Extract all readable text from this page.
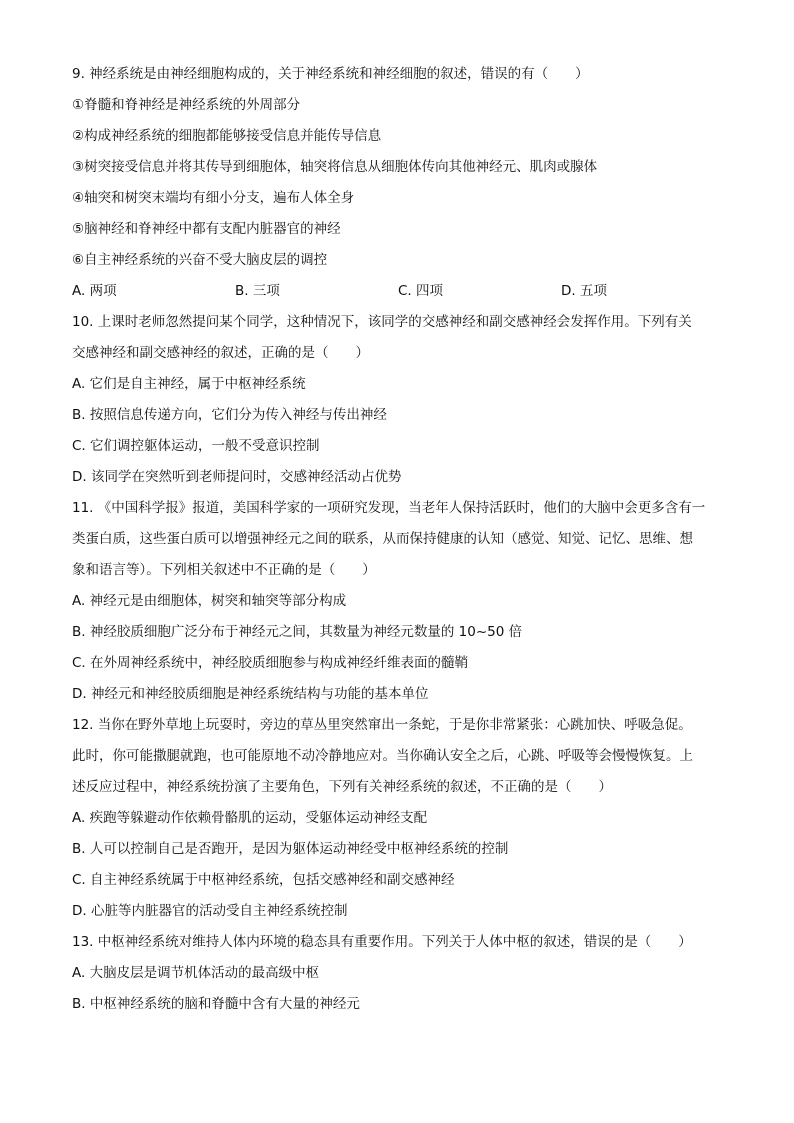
9. 神经系统是由神经细胞构成的，关于神经系统和神经细胞的叙述，错误的有（　　）
①脊髓和脊神经是神经系统的外周部分
②构成神经系统的细胞都能够接受信息并能传导信息
③树突接受信息并将其传导到细胞体，轴突将信息从细胞体传向其他神经元、肌肉或腺体
④轴突和树突末端均有细小分支，遍布人体全身
⑤脑神经和脊神经中都有支配内脏器官的神经
⑥自主神经系统的兴奋不受大脑皮层的调控
A. 两项	B. 三项	C. 四项	D. 五项
10. 上课时老师忽然提问某个同学，这种情况下，该同学的交感神经和副交感神经会发挥作用。下列有关
交感神经和副交感神经的叙述，正确的是（　　）
A. 它们是自主神经，属于中枢神经系统
B. 按照信息传递方向，它们分为传入神经与传出神经
C. 它们调控躯体运动，一般不受意识控制
D. 该同学在突然听到老师提问时，交感神经活动占优势
11. 《中国科学报》报道，美国科学家的一项研究发现，当老年人保持活跃时，他们的大脑中会更多含有一
类蛋白质，这些蛋白质可以增强神经元之间的联系，从而保持健康的认知（感觉、知觉、记忆、思维、想
象和语言等）。下列相关叙述中不正确的是（　　）
A. 神经元是由细胞体，树突和轴突等部分构成
B. 神经胶质细胞广泛分布于神经元之间，其数量为神经元数量的 10~50 倍
C. 在外周神经系统中，神经胶质细胞参与构成神经纤维表面的髓鞘
D. 神经元和神经胶质细胞是神经系统结构与功能的基本单位
12. 当你在野外草地上玩耍时，旁边的草丛里突然窜出一条蛇，于是你非常紧张：心跳加快、呼吸急促。
此时，你可能撒腿就跑，也可能原地不动冷静地应对。当你确认安全之后，心跳、呼吸等会慢慢恢复。上
述反应过程中，神经系统扮演了主要角色，下列有关神经系统的叙述，不正确的是（　　）
A. 疾跑等躲避动作依赖骨骼肌的运动，受躯体运动神经支配
B. 人可以控制自己是否跑开，是因为躯体运动神经受中枢神经系统的控制
C. 自主神经系统属于中枢神经系统，包括交感神经和副交感神经
D. 心脏等内脏器官的活动受自主神经系统控制
13. 中枢神经系统对维持人体内环境的稳态具有重要作用。下列关于人体中枢的叙述，错误的是（　　）
A. 大脑皮层是调节机体活动的最高级中枢
B. 中枢神经系统的脑和脊髓中含有大量的神经元
